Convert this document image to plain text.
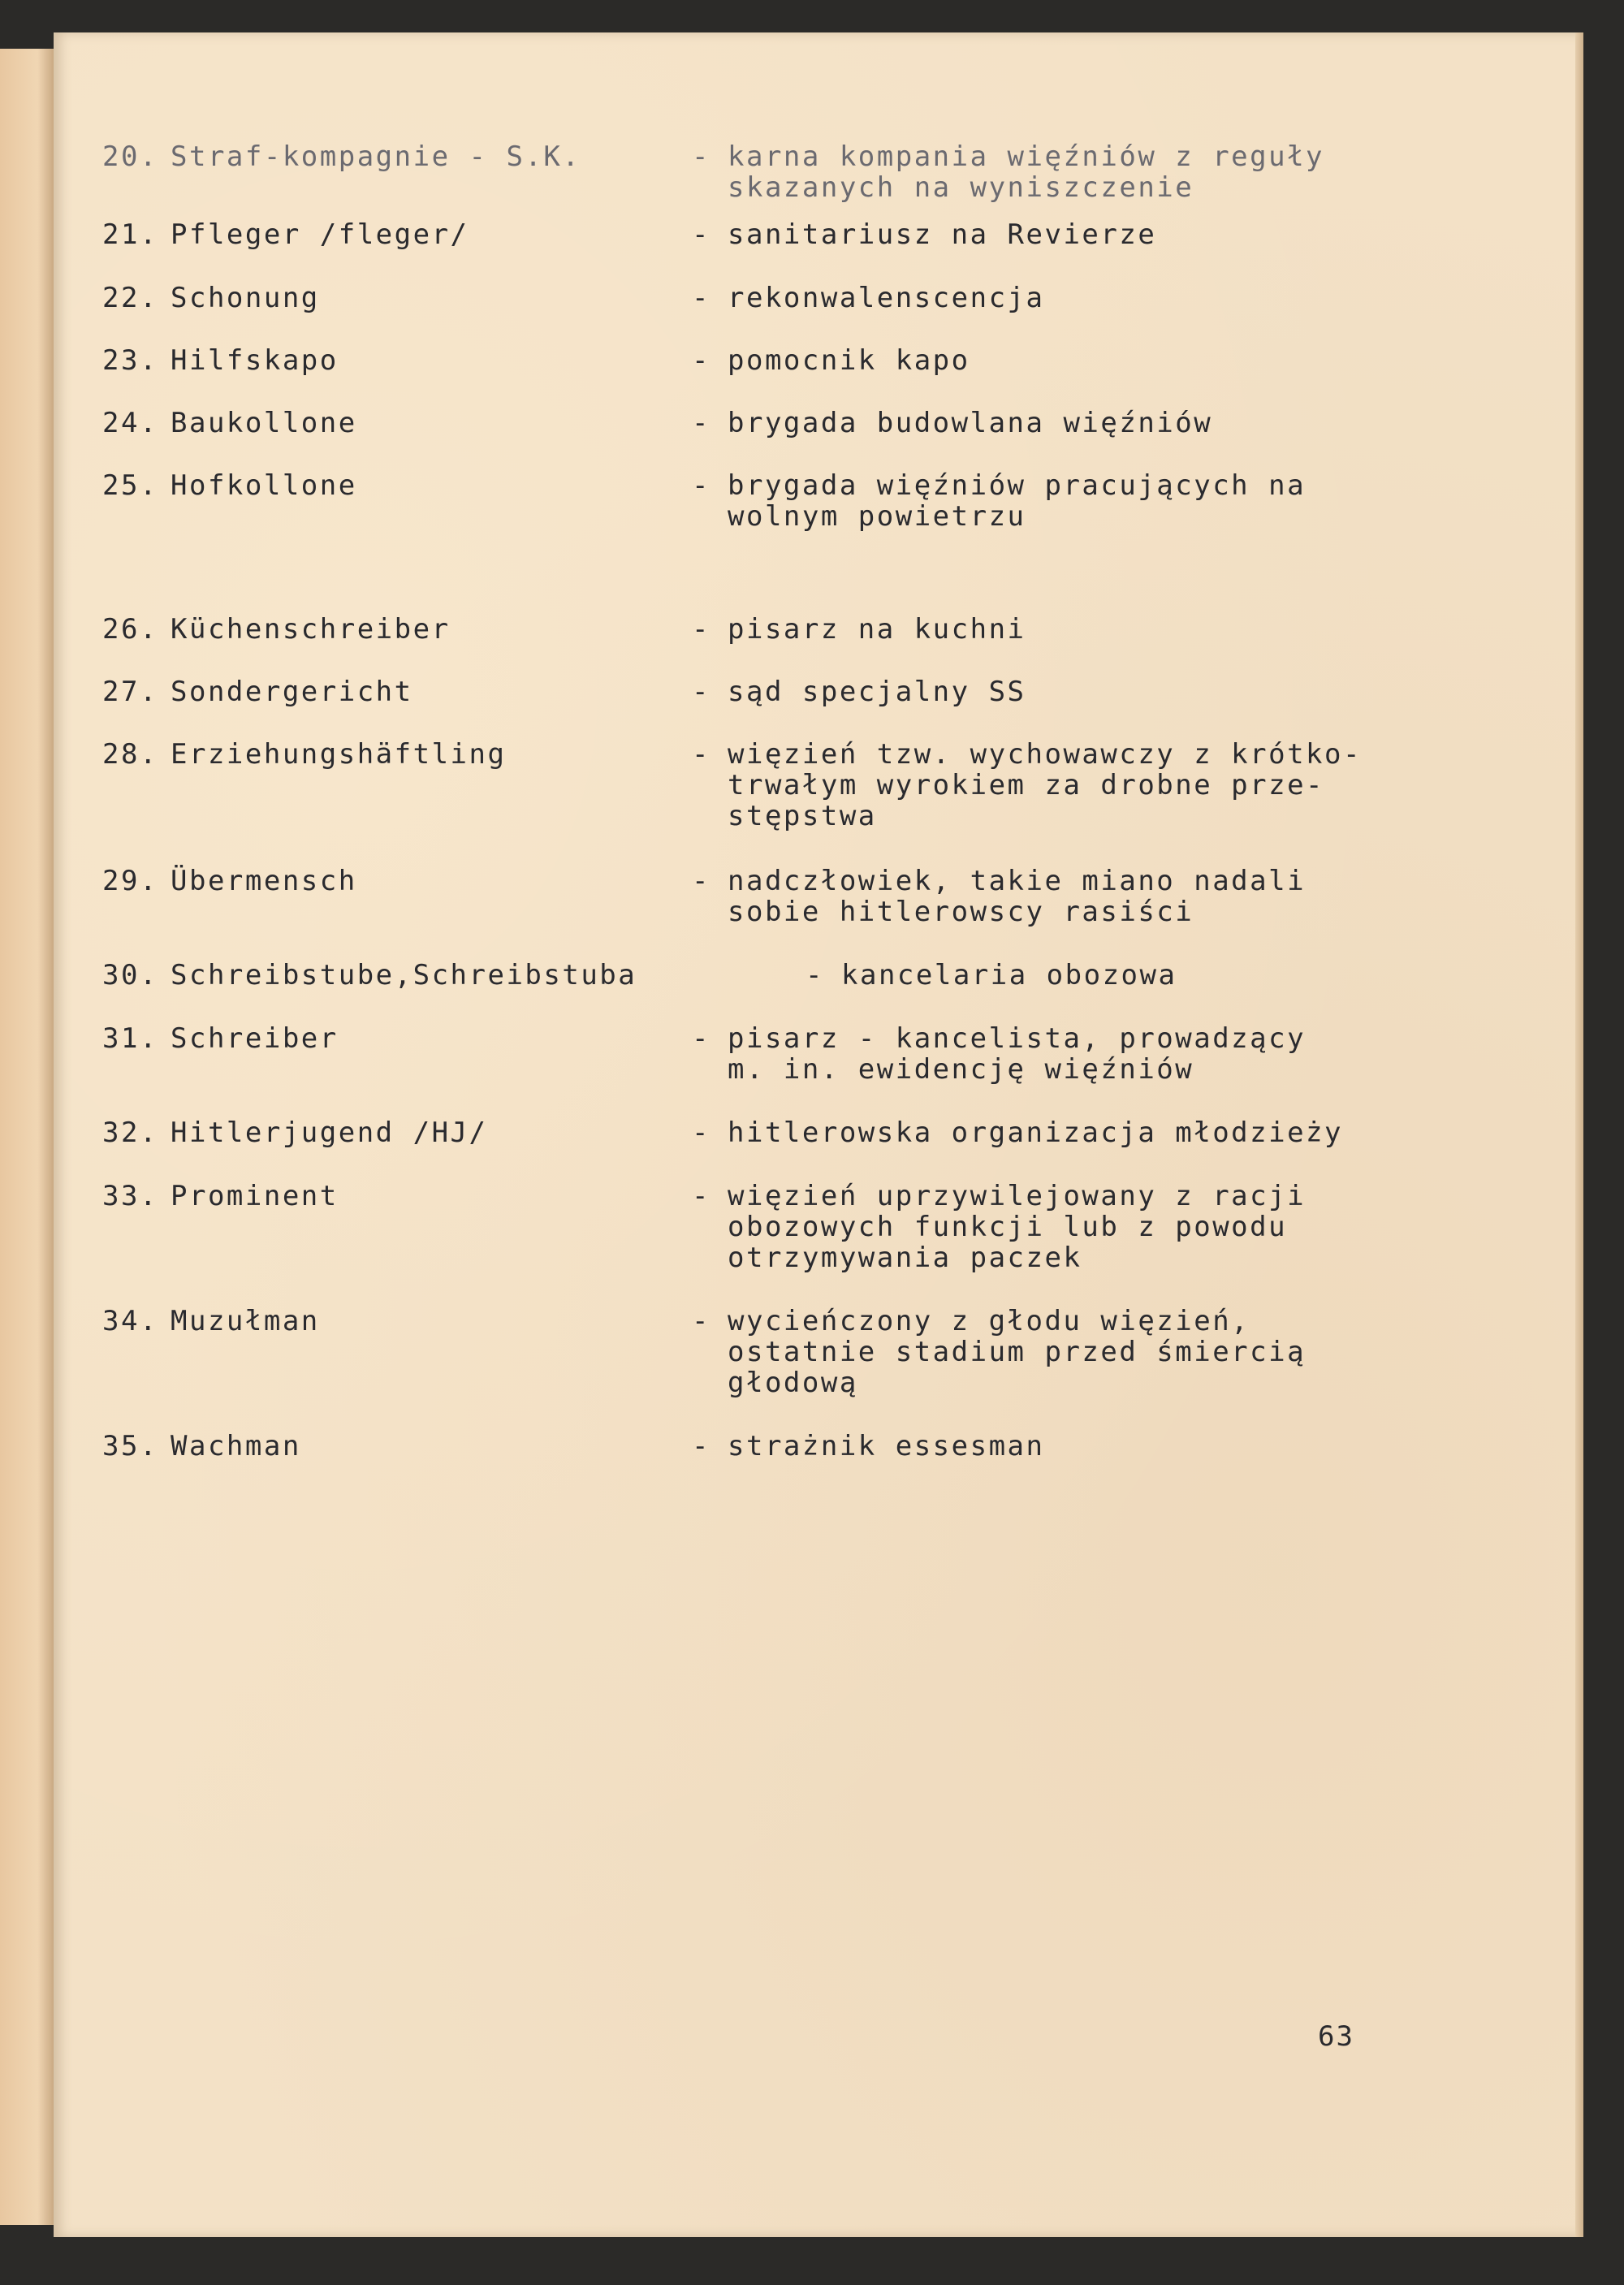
20. Straf-kompagnie - S.K.	- karna kompania więźniów z reguły
skazanych na wyniszczenie
21. Pfleger /fleger/	- sanitariusz na Revierze
22. Schonung	- rekonwalenscencja
23. Hilfskapo	- pomocnik kapo
24. Baukollone	- brygada budowlana więźniów
25. Hofkollone	- brygada więźniów pracujących na
wolnym powietrzu
26. Küchenschreiber	- pisarz na kuchni
27. Sondergericht	- sąd specjalny SS
28. Erziehungshäftling	- więzień tzw. wychowawczy z krótko-
trwałym wyrokiem za drobne prze-
stępstwa
29. Übermensch	- nadczłowiek, takie miano nadali
sobie hitlerowscy rasiści
30. Schreibstube,Schreibstuba	- kancelaria obozowa
31. Schreiber	- pisarz - kancelista, prowadzący
m. in. ewidencję więźniów
32. Hitlerjugend /HJ/	- hitlerowska organizacja młodzieży
33. Prominent	- więzień uprzywilejowany z racji
obozowych funkcji lub z powodu
otrzymywania paczek
34. Muzułman	- wycieńczony z głodu więzień,
ostatnie stadium przed śmiercią
głodową
35. Wachman	- strażnik essesman
63
